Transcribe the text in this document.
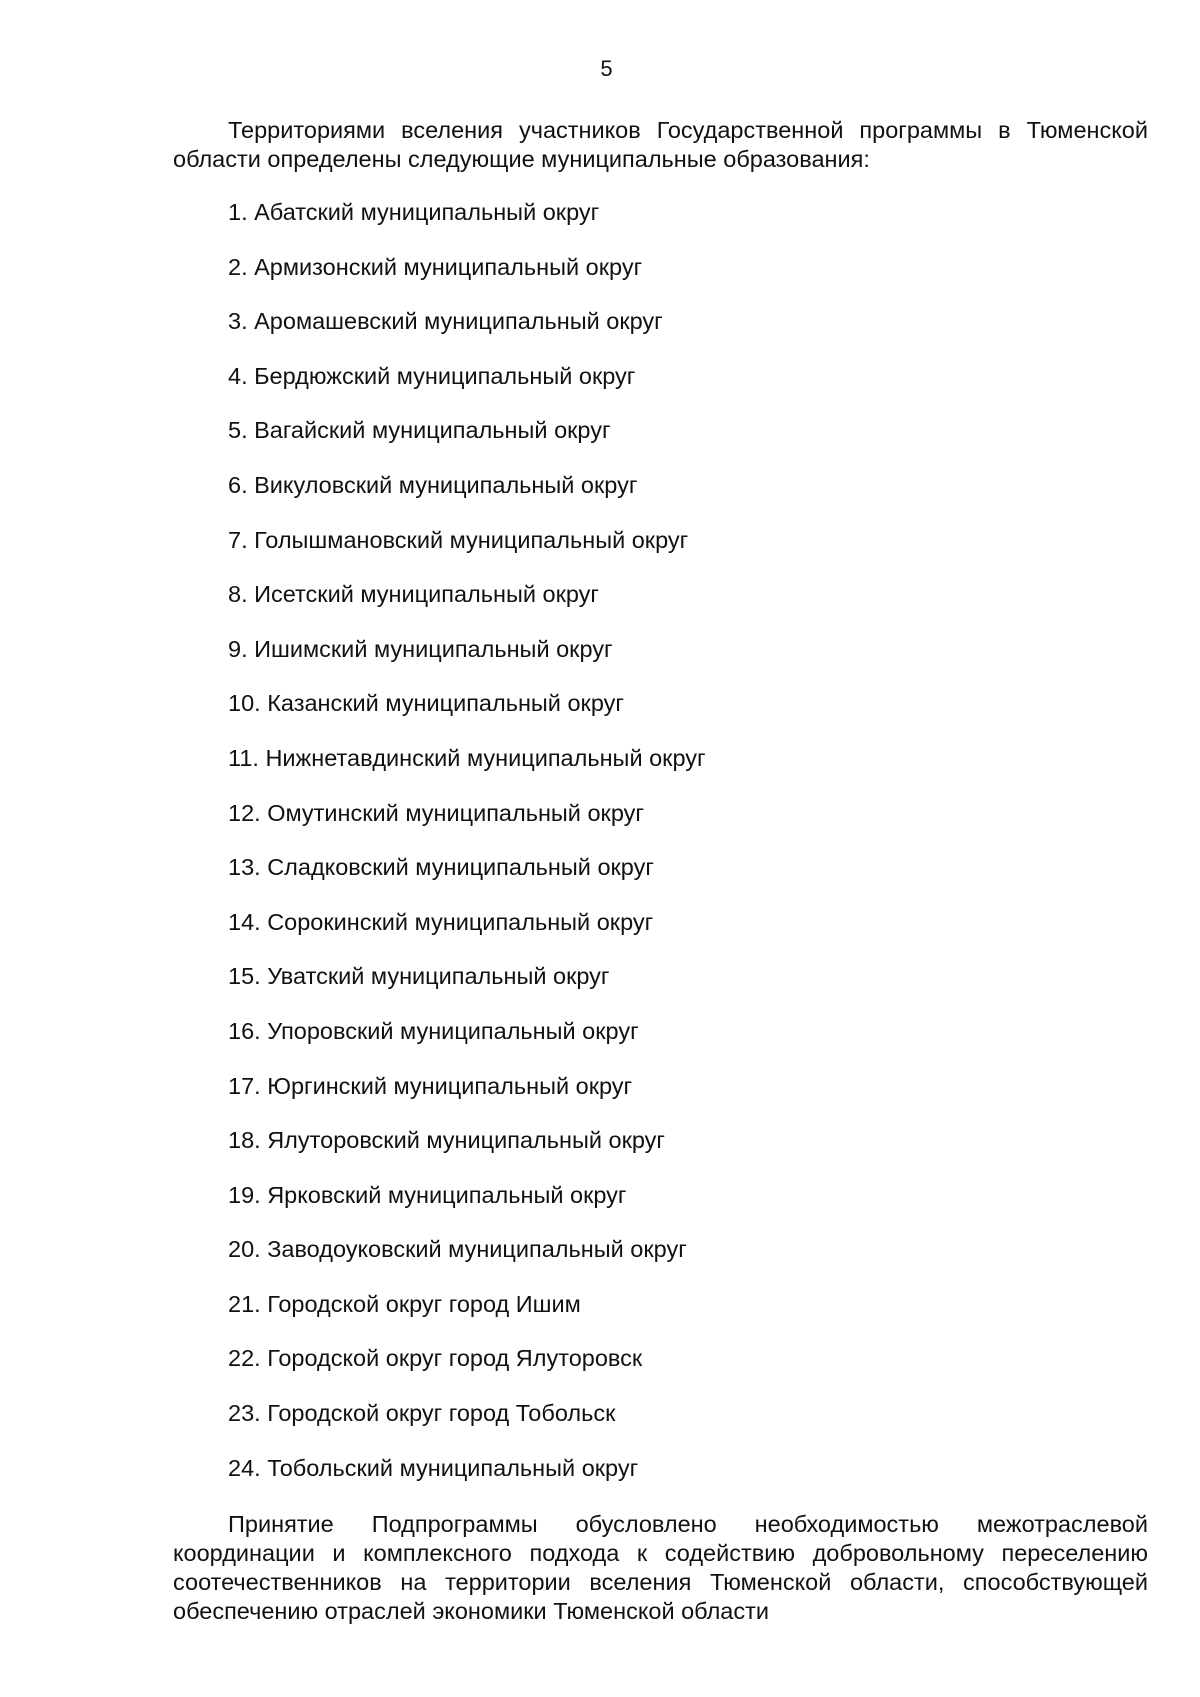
5

Территориями вселения участников Государственной программы в Тюменской области определены следующие муниципальные образования:

1. Абатский муниципальный округ
2. Армизонский муниципальный округ
3. Аромашевский муниципальный округ
4. Бердюжский муниципальный округ
5. Вагайский муниципальный округ
6. Викуловский муниципальный округ
7. Голышмановский муниципальный округ
8. Исетский муниципальный округ
9. Ишимский муниципальный округ
10. Казанский муниципальный округ
11. Нижнетавдинский муниципальный округ
12. Омутинский муниципальный округ
13. Сладковский муниципальный округ
14. Сорокинский муниципальный округ
15. Уватский муниципальный округ
16. Упоровский муниципальный округ
17. Юргинский муниципальный округ
18. Ялуторовский муниципальный округ
19. Ярковский муниципальный округ
20. Заводоуковский муниципальный округ
21. Городской округ город Ишим
22. Городской округ город Ялуторовск
23. Городской округ город Тобольск
24. Тобольский муниципальный округ

Принятие Подпрограммы обусловлено необходимостью межотраслевой координации и комплексного подхода к содействию добровольному переселению соотечественников на территории вселения Тюменской области, способствующей обеспечению отраслей экономики Тюменской области
